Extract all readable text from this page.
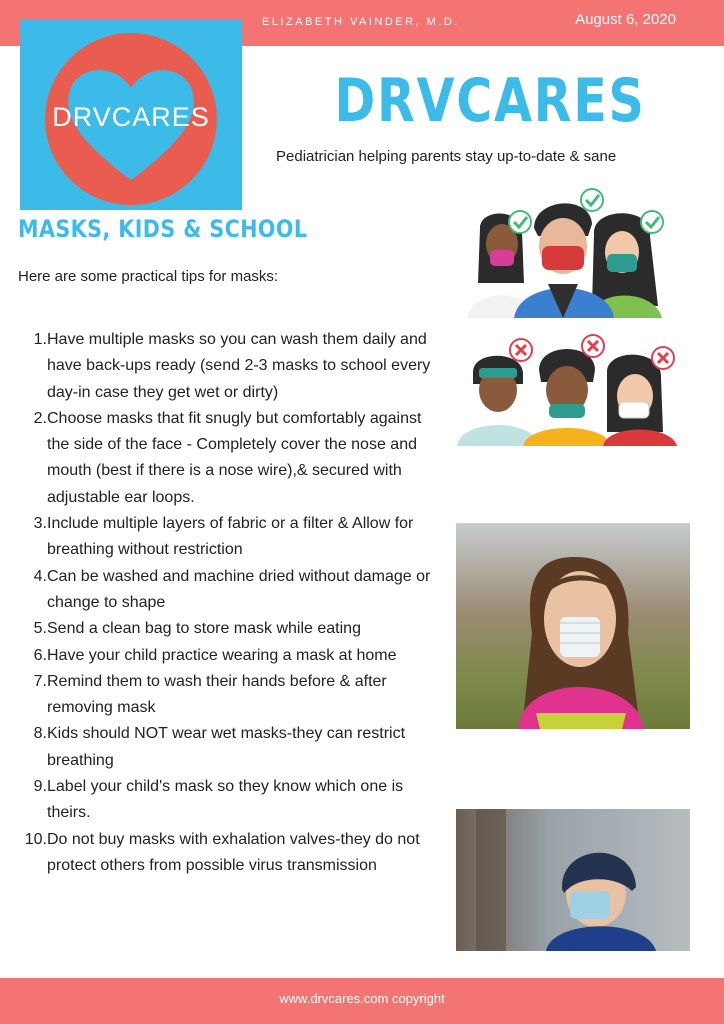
ELIZABETH VAINDER, M.D.	August 6, 2020
DRVCARES DRVCARES
Pediatrician helping parents stay up-to-date & sane
MASKS, KIDS & SCHOOL
Here are some practical tips for masks:
1. Have multiple masks so you can wash them daily and have back-ups ready (send 2-3 masks to school every day-in case they get wet or dirty)
2. Choose masks that fit snugly but comfortably against the side of the face - Completely cover the nose and mouth (best if there is a nose wire),& secured with adjustable ear loops.
3. Include multiple layers of fabric or a filter & Allow for breathing without restriction
4. Can be washed and machine dried without damage or change to shape
5. Send a clean bag to store mask while eating
6. Have your child practice wearing a mask at home
7. Remind them to wash their hands before & after removing mask
8. Kids should NOT wear wet masks-they can restrict breathing
9. Label your child's mask so they know which one is theirs.
10. Do not buy masks with exhalation valves-they do not protect others from possible virus transmission
www.drvcares.com copyright
